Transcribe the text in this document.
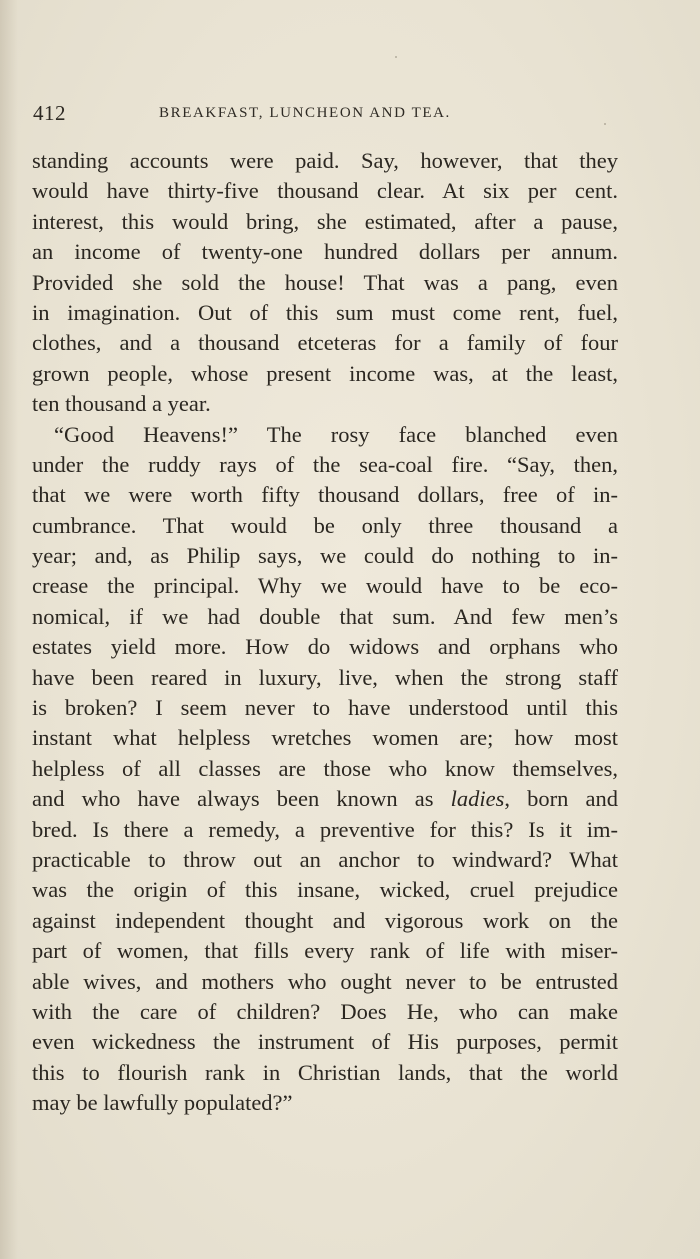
412	BREAKFAST, LUNCHEON AND TEA.
standing accounts were paid. Say, however, that they
would have thirty-five thousand clear. At six per cent.
interest, this would bring, she estimated, after a pause,
an income of twenty-one hundred dollars per annum.
Provided she sold the house! That was a pang, even
in imagination. Out of this sum must come rent, fuel,
clothes, and a thousand etceteras for a family of four
grown people, whose present income was, at the least,
ten thousand a year.
“Good Heavens!” The rosy face blanched even
under the ruddy rays of the sea-coal fire. “Say, then,
that we were worth fifty thousand dollars, free of in-
cumbrance. That would be only three thousand a
year; and, as Philip says, we could do nothing to in-
crease the principal. Why we would have to be eco-
nomical, if we had double that sum. And few men’s
estates yield more. How do widows and orphans who
have been reared in luxury, live, when the strong staff
is broken? I seem never to have understood until this
instant what helpless wretches women are; how most
helpless of all classes are those who know themselves,
and who have always been known as ladies, born and
bred. Is there a remedy, a preventive for this? Is it im-
practicable to throw out an anchor to windward? What
was the origin of this insane, wicked, cruel prejudice
against independent thought and vigorous work on the
part of women, that fills every rank of life with miser-
able wives, and mothers who ought never to be entrusted
with the care of children? Does He, who can make
even wickedness the instrument of His purposes, permit
this to flourish rank in Christian lands, that the world
may be lawfully populated?”
